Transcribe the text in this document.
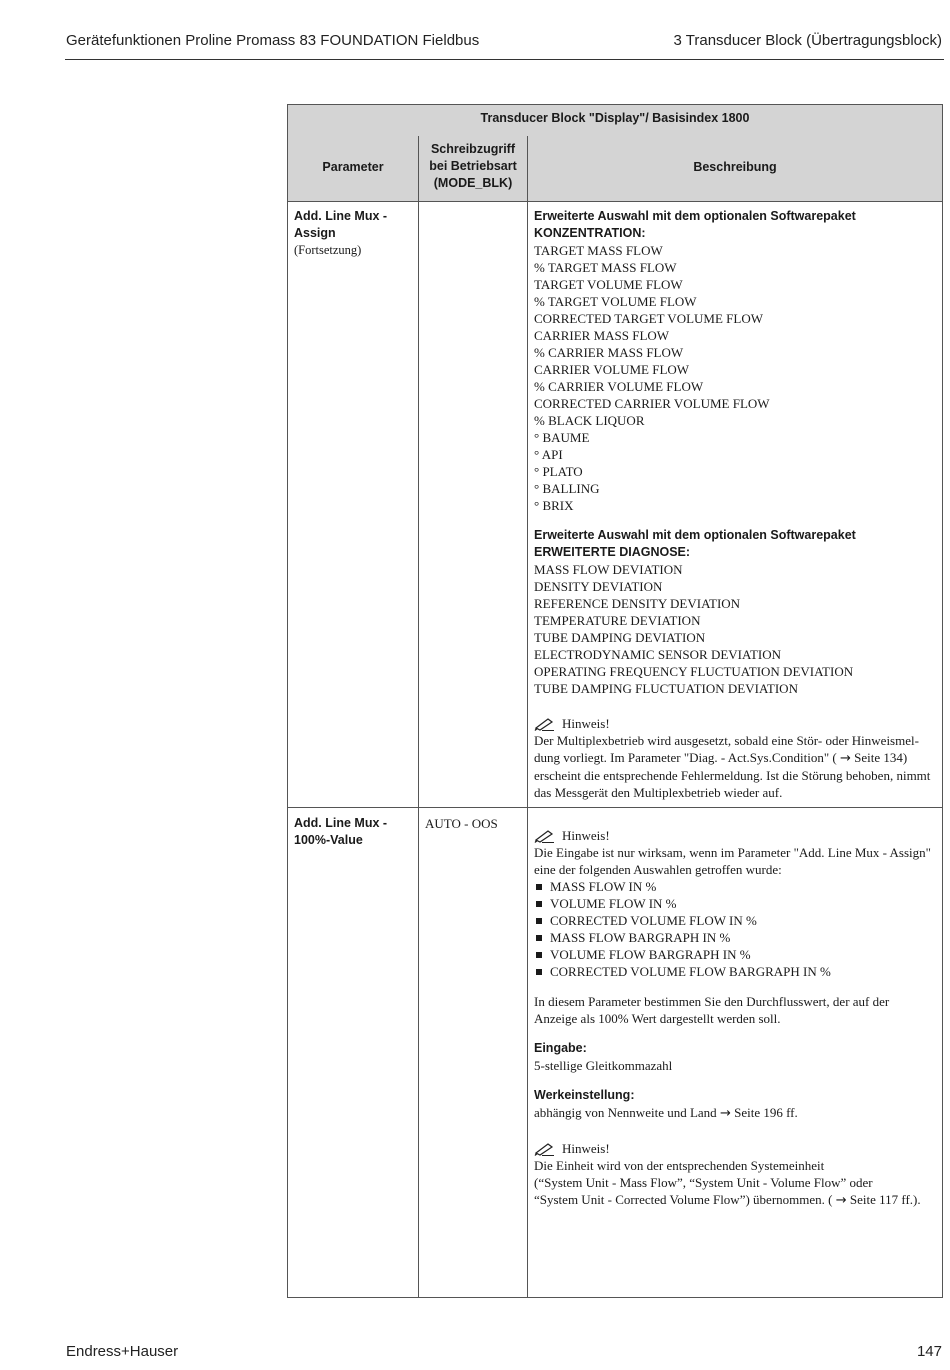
Gerätefunktionen Proline Promass 83 FOUNDATION Fieldbus	3 Transducer Block (Übertragungsblock)
Transducer Block "Display"/ Basisindex 1800
Parameter
Schreibzugriff
bei Betriebsart
(MODE_BLK)
Beschreibung
Add. Line Mux -
Assign
(Fortsetzung)
Erweiterte Auswahl mit dem optionalen Softwarepaket
KONZENTRATION:
TARGET MASS FLOW
% TARGET MASS FLOW
TARGET VOLUME FLOW
% TARGET VOLUME FLOW
CORRECTED TARGET VOLUME FLOW
CARRIER MASS FLOW
% CARRIER MASS FLOW
CARRIER VOLUME FLOW
% CARRIER VOLUME FLOW
CORRECTED CARRIER VOLUME FLOW
% BLACK LIQUOR
° BAUME
° API
° PLATO
° BALLING
° BRIX
Erweiterte Auswahl mit dem optionalen Softwarepaket
ERWEITERTE DIAGNOSE:
MASS FLOW DEVIATION
DENSITY DEVIATION
REFERENCE DENSITY DEVIATION
TEMPERATURE DEVIATION
TUBE DAMPING DEVIATION
ELECTRODYNAMIC SENSOR DEVIATION
OPERATING FREQUENCY FLUCTUATION DEVIATION
TUBE DAMPING FLUCTUATION DEVIATION
Hinweis!
Der Multiplexbetrieb wird ausgesetzt, sobald eine Stör- oder Hinweismel-
dung vorliegt. Im Parameter "Diag. - Act.Sys.Condition" ( → Seite 134)
erscheint die entsprechende Fehlermeldung. Ist die Störung behoben, nimmt
das Messgerät den Multiplexbetrieb wieder auf.
Add. Line Mux -
100%-Value
AUTO - OOS
Hinweis!
Die Eingabe ist nur wirksam, wenn im Parameter "Add. Line Mux - Assign"
eine der folgenden Auswahlen getroffen wurde:
MASS FLOW IN %
VOLUME FLOW IN %
CORRECTED VOLUME FLOW IN %
MASS FLOW BARGRAPH IN %
VOLUME FLOW BARGRAPH IN %
CORRECTED VOLUME FLOW BARGRAPH IN %
In diesem Parameter bestimmen Sie den Durchflusswert, der auf der
Anzeige als 100% Wert dargestellt werden soll.
Eingabe:
5-stellige Gleitkommazahl
Werkeinstellung:
abhängig von Nennweite und Land → Seite 196 ff.
Hinweis!
Die Einheit wird von der entsprechenden Systemeinheit
(“System Unit - Mass Flow”, “System Unit - Volume Flow” oder
“System Unit - Corrected Volume Flow”) übernommen. ( → Seite 117 ff.).
Endress+Hauser	147
